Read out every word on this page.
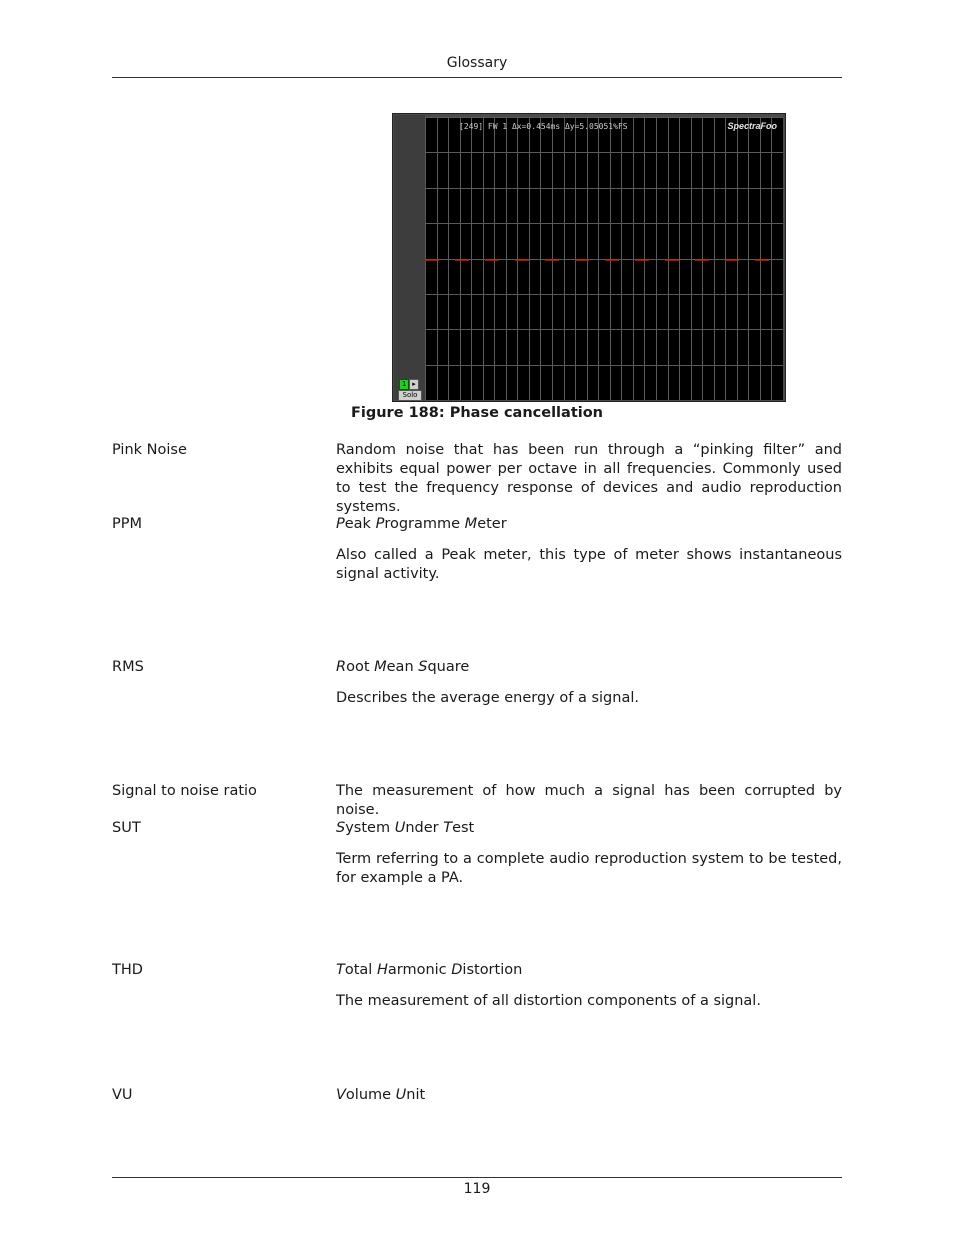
Glossary
1 ▸
Solo
[249] FW 1 Δx=0.454ms Δy=5.05051%FS	SpectraFoo
Figure 188: Phase cancellation
Pink Noise	Random noise that has been run through a “pinking filter” and exhibits equal power per octave in all frequencies. Commonly used to test the frequency response of devices and audio reproduction systems.

PPM	Peak Programme Meter

Also called a Peak meter, this type of meter shows instantaneous signal activity.

RMS	Root Mean Square

Describes the average energy of a signal.

Signal to noise ratio	The measurement of how much a signal has been corrupted by noise.

SUT	System Under Test

Term referring to a complete audio reproduction system to be tested, for example a PA.

THD	Total Harmonic Distortion

The measurement of all distortion components of a signal.

VU	Volume Unit

119
